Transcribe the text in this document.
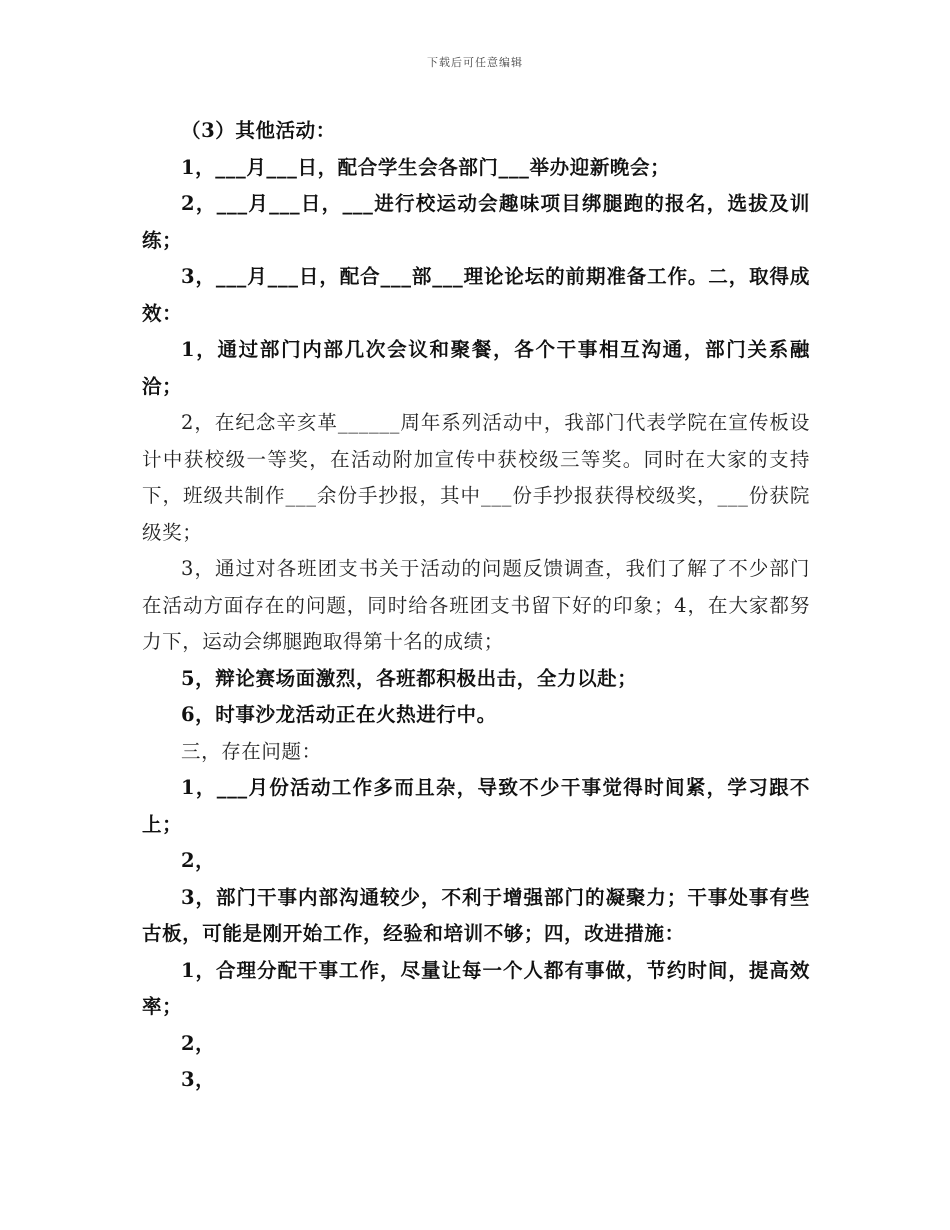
下载后可任意编辑

（3）其他活动：

1，___月___日，配合学生会各部门___举办迎新晚会；

2，___月___日，___进行校运动会趣味项目绑腿跑的报名，选拔及训练；

3，___月___日，配合___部___理论论坛的前期准备工作。二，取得成效：

1，通过部门内部几次会议和聚餐，各个干事相互沟通，部门关系融洽；

2，在纪念辛亥革______周年系列活动中，我部门代表学院在宣传板设计中获校级一等奖，在活动附加宣传中获校级三等奖。同时在大家的支持下，班级共制作___余份手抄报，其中___份手抄报获得校级奖，___份获院级奖；

3，通过对各班团支书关于活动的问题反馈调查，我们了解了不少部门在活动方面存在的问题，同时给各班团支书留下好的印象；4，在大家都努力下，运动会绑腿跑取得第十名的成绩；

5，辩论赛场面激烈，各班都积极出击，全力以赴；

6，时事沙龙活动正在火热进行中。

三，存在问题：

1，___月份活动工作多而且杂，导致不少干事觉得时间紧，学习跟不上；

2，

3，部门干事内部沟通较少，不利于增强部门的凝聚力；干事处事有些古板，可能是刚开始工作，经验和培训不够；四，改进措施：

1，合理分配干事工作，尽量让每一个人都有事做，节约时间，提高效率；

2，

3，
